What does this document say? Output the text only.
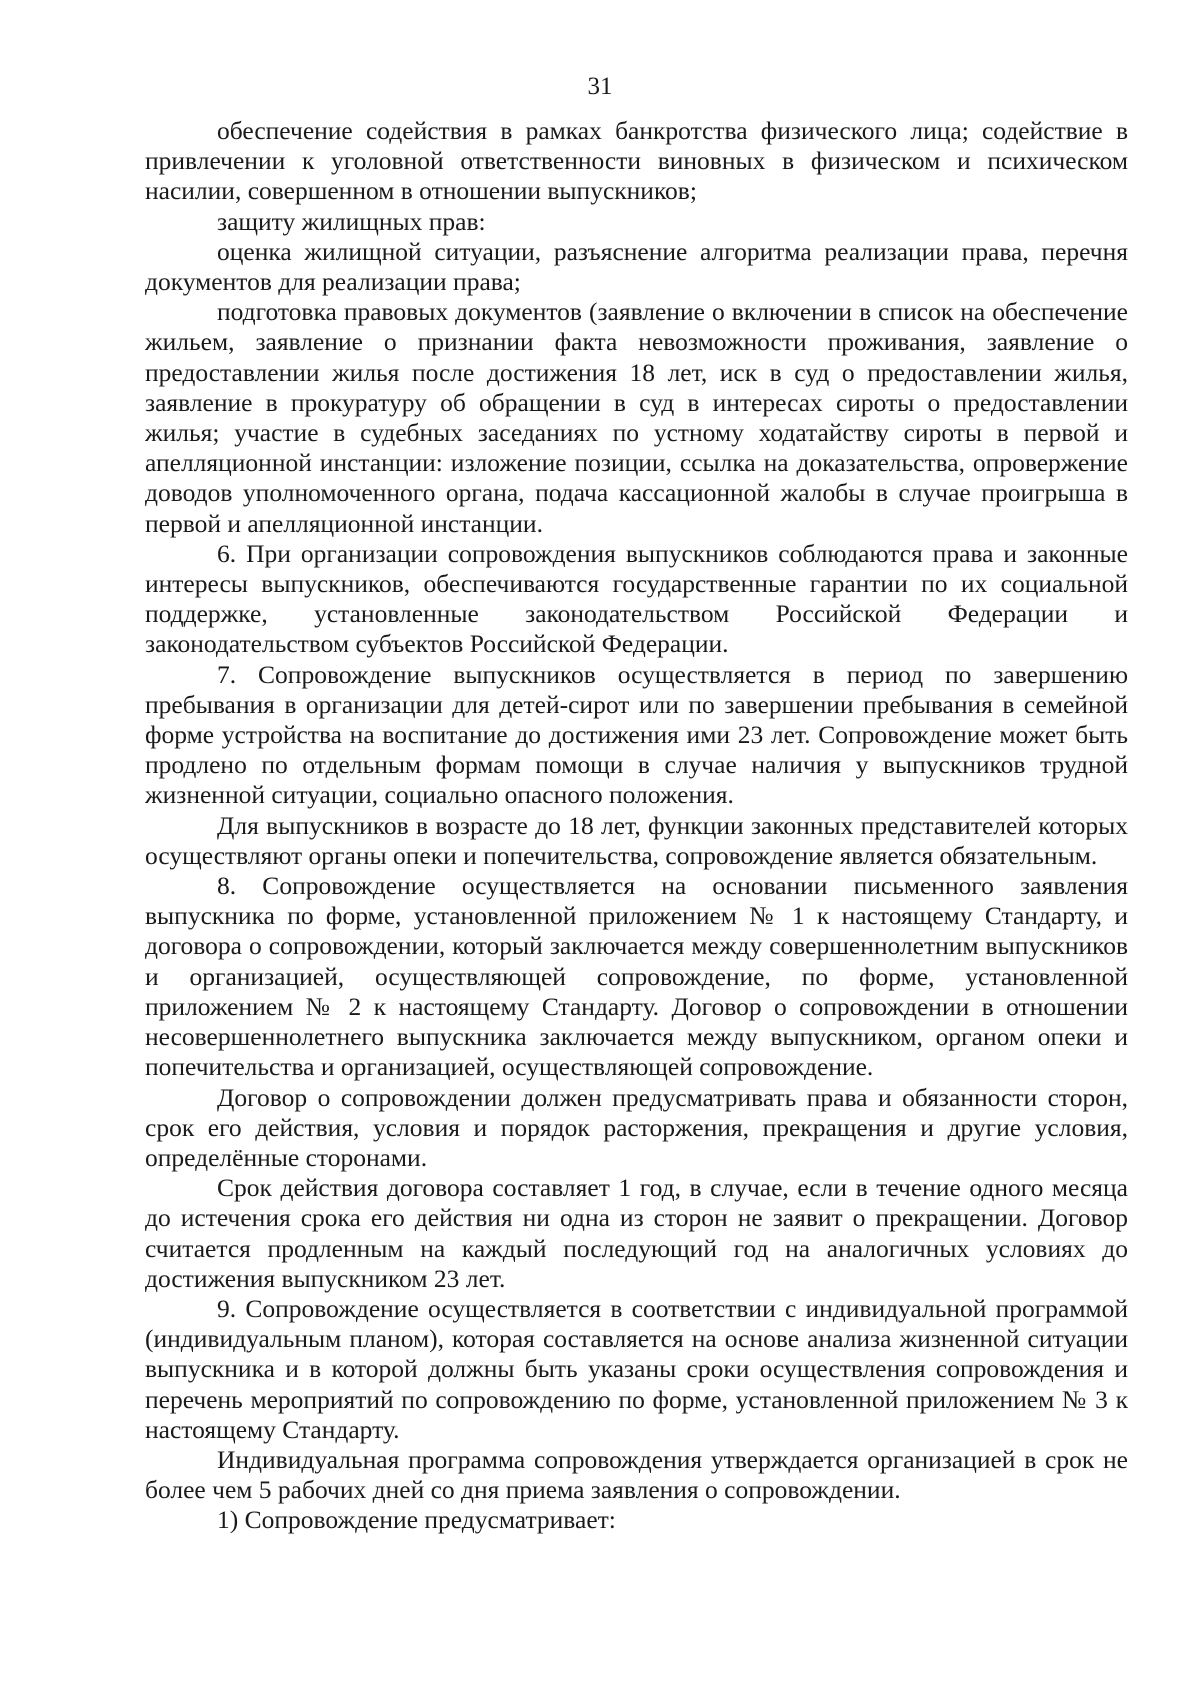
31

обеспечение содействия в рамках банкротства физического лица; содействие в привлечении к уголовной ответственности виновных в физическом и психическом насилии, совершенном в отношении выпускников;

защиту жилищных прав:

оценка жилищной ситуации, разъяснение алгоритма реализации права, перечня документов для реализации права;

подготовка правовых документов (заявление о включении в список на обеспечение жильем, заявление о признании факта невозможности проживания, заявление о предоставлении жилья после достижения 18 лет, иск в суд о предоставлении жилья, заявление в прокуратуру об обращении в суд в интересах сироты о предоставлении жилья; участие в судебных заседаниях по устному ходатайству сироты в первой и апелляционной инстанции: изложение позиции, ссылка на доказательства, опровержение доводов уполномоченного органа, подача кассационной жалобы в случае проигрыша в первой и апелляционной инстанции.

6. При организации сопровождения выпускников соблюдаются права и законные интересы выпускников, обеспечиваются государственные гарантии по их социальной поддержке, установленные законодательством Российской Федерации и законодательством субъектов Российской Федерации.

7. Сопровождение выпускников осуществляется в период по завершению пребывания в организации для детей-сирот или по завершении пребывания в семейной форме устройства на воспитание до достижения ими 23 лет. Сопровождение может быть продлено по отдельным формам помощи в случае наличия у выпускников трудной жизненной ситуации, социально опасного положения.

Для выпускников в возрасте до 18 лет, функции законных представителей которых осуществляют органы опеки и попечительства, сопровождение является обязательным.

8. Сопровождение осуществляется на основании письменного заявления выпускника по форме, установленной приложением № 1 к настоящему Стандарту, и договора о сопровождении, который заключается между совершеннолетним выпускников и организацией, осуществляющей сопровождение, по форме, установленной приложением № 2 к настоящему Стандарту. Договор о сопровождении в отношении несовершеннолетнего выпускника заключается между выпускником, органом опеки и попечительства и организацией, осуществляющей сопровождение.

Договор о сопровождении должен предусматривать права и обязанности сторон, срок его действия, условия и порядок расторжения, прекращения и другие условия, определённые сторонами.

Срок действия договора составляет 1 год, в случае, если в течение одного месяца до истечения срока его действия ни одна из сторон не заявит о прекращении. Договор считается продленным на каждый последующий год на аналогичных условиях до достижения выпускником 23 лет.

9. Сопровождение осуществляется в соответствии с индивидуальной программой (индивидуальным планом), которая составляется на основе анализа жизненной ситуации выпускника и в которой должны быть указаны сроки осуществления сопровождения и перечень мероприятий по сопровождению по форме, установленной приложением № 3 к настоящему Стандарту.

Индивидуальная программа сопровождения утверждается организацией в срок не более чем 5 рабочих дней со дня приема заявления о сопровождении.

1) Сопровождение предусматривает:
